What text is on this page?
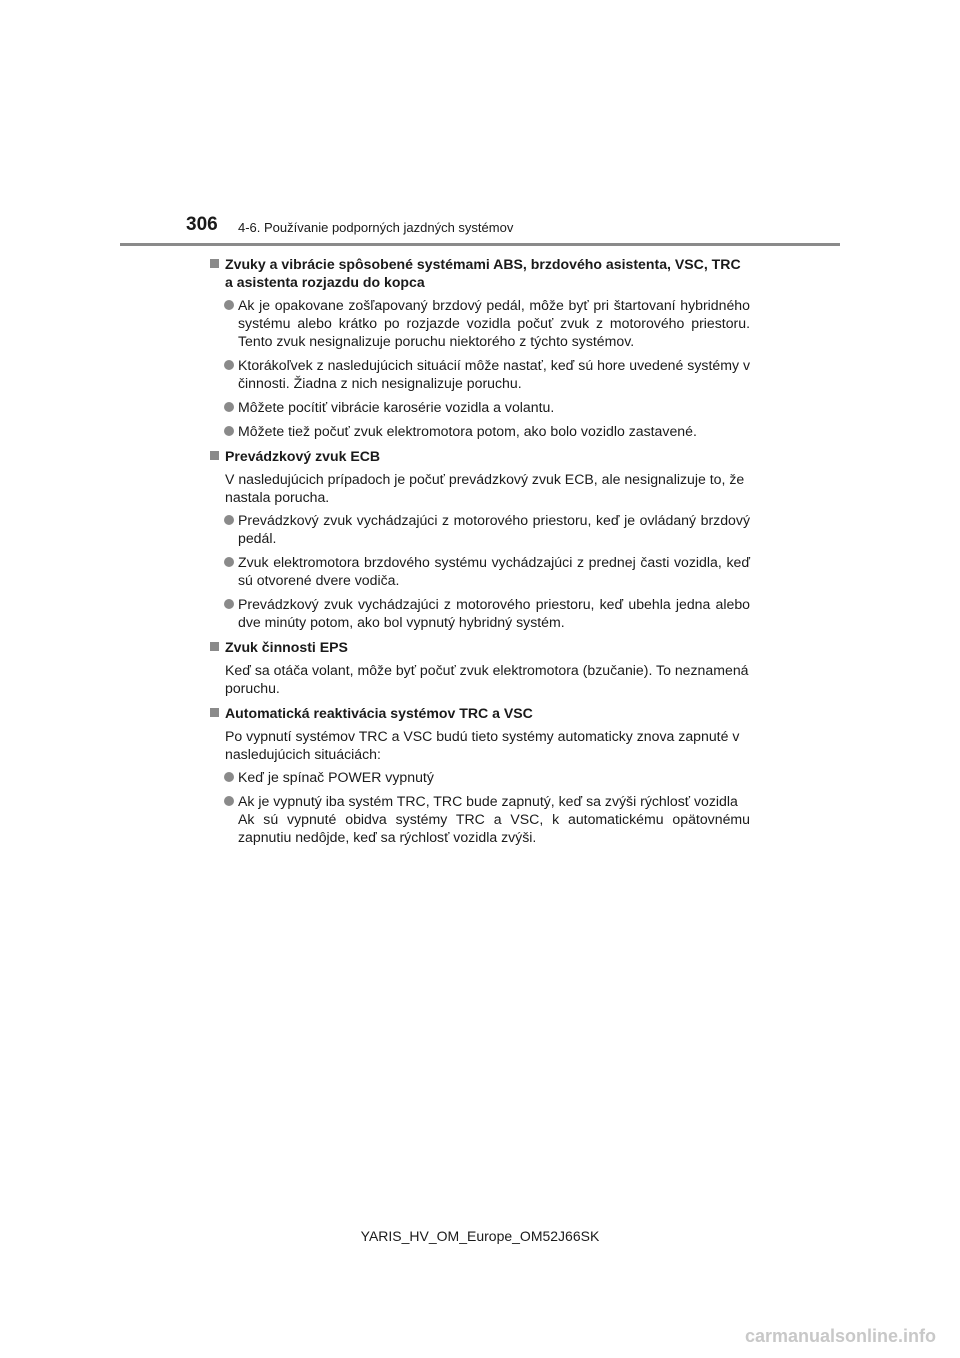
306 4-6. Používanie podporných jazdných systémov
Zvuky a vibrácie spôsobené systémami ABS, brzdového asistenta, VSC, TRC a asistenta rozjazdu do kopca
Ak je opakovane zošľapovaný brzdový pedál, môže byť pri štartovaní hybridného systému alebo krátko po rozjazde vozidla počuť zvuk z motorového priestoru. Tento zvuk nesignalizuje poruchu niektorého z týchto systémov.
Ktorákoľvek z nasledujúcich situácií môže nastať, keď sú hore uvedené systémy v činnosti. Žiadna z nich nesignalizuje poruchu.
Môžete pocítiť vibrácie karosérie vozidla a volantu.
Môžete tiež počuť zvuk elektromotora potom, ako bolo vozidlo zastavené.
Prevádzkový zvuk ECB
V nasledujúcich prípadoch je počuť prevádzkový zvuk ECB, ale nesignalizuje to, že nastala porucha.
Prevádzkový zvuk vychádzajúci z motorového priestoru, keď je ovládaný brzdový pedál.
Zvuk elektromotora brzdového systému vychádzajúci z prednej časti vozidla, keď sú otvorené dvere vodiča.
Prevádzkový zvuk vychádzajúci z motorového priestoru, keď ubehla jedna alebo dve minúty potom, ako bol vypnutý hybridný systém.
Zvuk činnosti EPS
Keď sa otáča volant, môže byť počuť zvuk elektromotora (bzučanie). To neznamená poruchu.
Automatická reaktivácia systémov TRC a VSC
Po vypnutí systémov TRC a VSC budú tieto systémy automaticky znova zapnuté v nasledujúcich situáciách:
Keď je spínač POWER vypnutý
Ak je vypnutý iba systém TRC, TRC bude zapnutý, keď sa zvýši rýchlosť vozidla
Ak sú vypnuté obidva systémy TRC a VSC, k automatickému opätovnému zapnutiu nedôjde, keď sa rýchlosť vozidla zvýši.
YARIS_HV_OM_Europe_OM52J66SK
carmanualsonline.info
